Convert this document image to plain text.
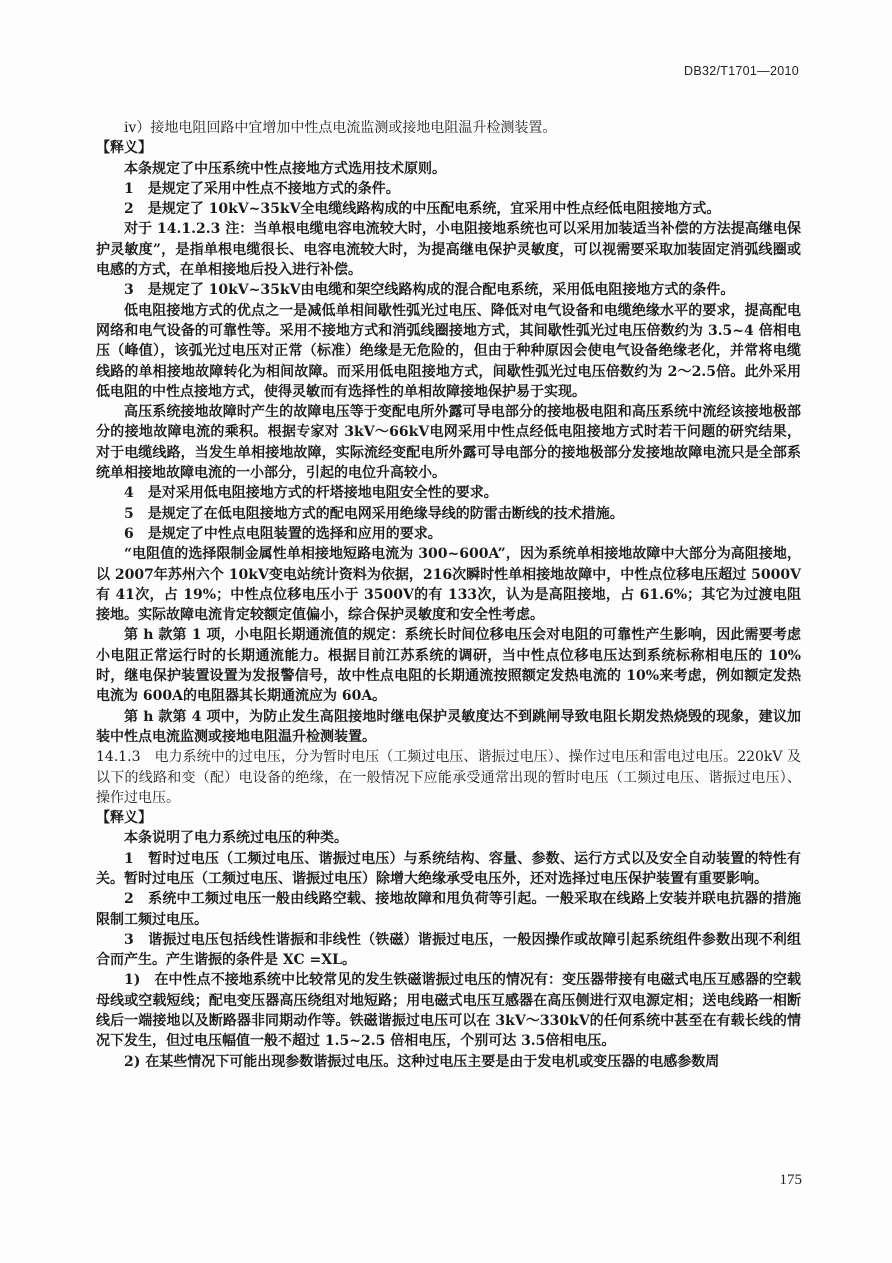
DB32/T1701—2010

ⅳ）接地电阻回路中宜增加中性点电流监测或接地电阻温升检测装置。

【释义】

本条规定了中压系统中性点接地方式选用技术原则。

1　是规定了采用中性点不接地方式的条件。

2　是规定了 10kV~35kV全电缆线路构成的中压配电系统，宜采用中性点经低电阻接地方式。

对于 14.1.2.3 注：当单根电缆电容电流较大时，小电阻接地系统也可以采用加装适当补偿的方法提高继电保护灵敏度”，是指单根电缆很长、电容电流较大时，为提高继电保护灵敏度，可以视需要采取加装固定消弧线圈或电感的方式，在单相接地后投入进行补偿。

3　是规定了 10kV~35kV由电缆和架空线路构成的混合配电系统，采用低电阻接地方式的条件。

低电阻接地方式的优点之一是减低单相间歇性弧光过电压、降低对电气设备和电缆绝缘水平的要求，提高配电网络和电气设备的可靠性等。采用不接地方式和消弧线圈接地方式，其间歇性弧光过电压倍数约为 3.5~4 倍相电压（峰值），该弧光过电压对正常（标准）绝缘是无危险的，但由于种种原因会使电气设备绝缘老化，并常将电缆线路的单相接地故障转化为相间故障。而采用低电阻接地方式，间歇性弧光过电压倍数约为 2～2.5倍。此外采用低电阻的中性点接地方式，使得灵敏而有选择性的单相故障接地保护易于实现。

高压系统接地故障时产生的故障电压等于变配电所外露可导电部分的接地极电阻和高压系统中流经该接地极部分的接地故障电流的乘积。根据专家对 3kV～66kV电网采用中性点经低电阻接地方式时若干问题的研究结果，对于电缆线路，当发生单相接地故障，实际流经变配电所外露可导电部分的接地极部分发接地故障电流只是全部系统单相接地故障电流的一小部分，引起的电位升高较小。

4　是对采用低电阻接地方式的杆塔接地电阻安全性的要求。

5　是规定了在低电阻接地方式的配电网采用绝缘导线的防雷击断线的技术措施。

6　是规定了中性点电阻装置的选择和应用的要求。

“电阻值的选择限制金属性单相接地短路电流为 300~600A”，因为系统单相接地故障中大部分为高阻接地，以 2007年苏州六个 10kV变电站统计资料为依据，216次瞬时性单相接地故障中，中性点位移电压超过 5000V有 41次，占 19%；中性点位移电压小于 3500V的有 133次，认为是高阻接地，占 61.6%；其它为过渡电阻接地。实际故障电流肯定较额定值偏小，综合保护灵敏度和安全性考虑。

第 h 款第 1 项，小电阻长期通流值的规定：系统长时间位移电压会对电阻的可靠性产生影响，因此需要考虑小电阻正常运行时的长期通流能力。根据目前江苏系统的调研，当中性点位移电压达到系统标称相电压的 10%时，继电保护装置设置为发报警信号，故中性点电阻的长期通流按照额定发热电流的 10%来考虑，例如额定发热电流为 600A的电阻器其长期通流应为 60A。

第 h 款第 4 项中，为防止发生高阻接地时继电保护灵敏度达不到跳闸导致电阻长期发热烧毁的现象，建议加装中性点电流监测或接地电阻温升检测装置。

14.1.3　电力系统中的过电压，分为暂时电压（工频过电压、谐振过电压）、操作过电压和雷电过电压。220kV 及以下的线路和变（配）电设备的绝缘，在一般情况下应能承受通常出现的暂时电压（工频过电压、谐振过电压）、操作过电压。

【释义】

本条说明了电力系统过电压的种类。

1　暂时过电压（工频过电压、谐振过电压）与系统结构、容量、参数、运行方式以及安全自动装置的特性有关。暂时过电压（工频过电压、谐振过电压）除增大绝缘承受电压外，还对选择过电压保护装置有重要影响。

2　系统中工频过电压一般由线路空载、接地故障和甩负荷等引起。一般采取在线路上安装并联电抗器的措施限制工频过电压。

3　谐振过电压包括线性谐振和非线性（铁磁）谐振过电压，一般因操作或故障引起系统组件参数出现不利组合而产生。产生谐振的条件是 XC =XL。

1)　在中性点不接地系统中比较常见的发生铁磁谐振过电压的情况有：变压器带接有电磁式电压互感器的空载母线或空载短线；配电变压器高压绕组对地短路；用电磁式电压互感器在高压侧进行双电源定相；送电线路一相断线后一端接地以及断路器非同期动作等。铁磁谐振过电压可以在 3kV～330kV的任何系统中甚至在有载长线的情况下发生，但过电压幅值一般不超过 1.5~2.5 倍相电压，个别可达 3.5倍相电压。

2) 在某些情况下可能出现参数谐振过电压。这种过电压主要是由于发电机或变压器的电感参数周

175
